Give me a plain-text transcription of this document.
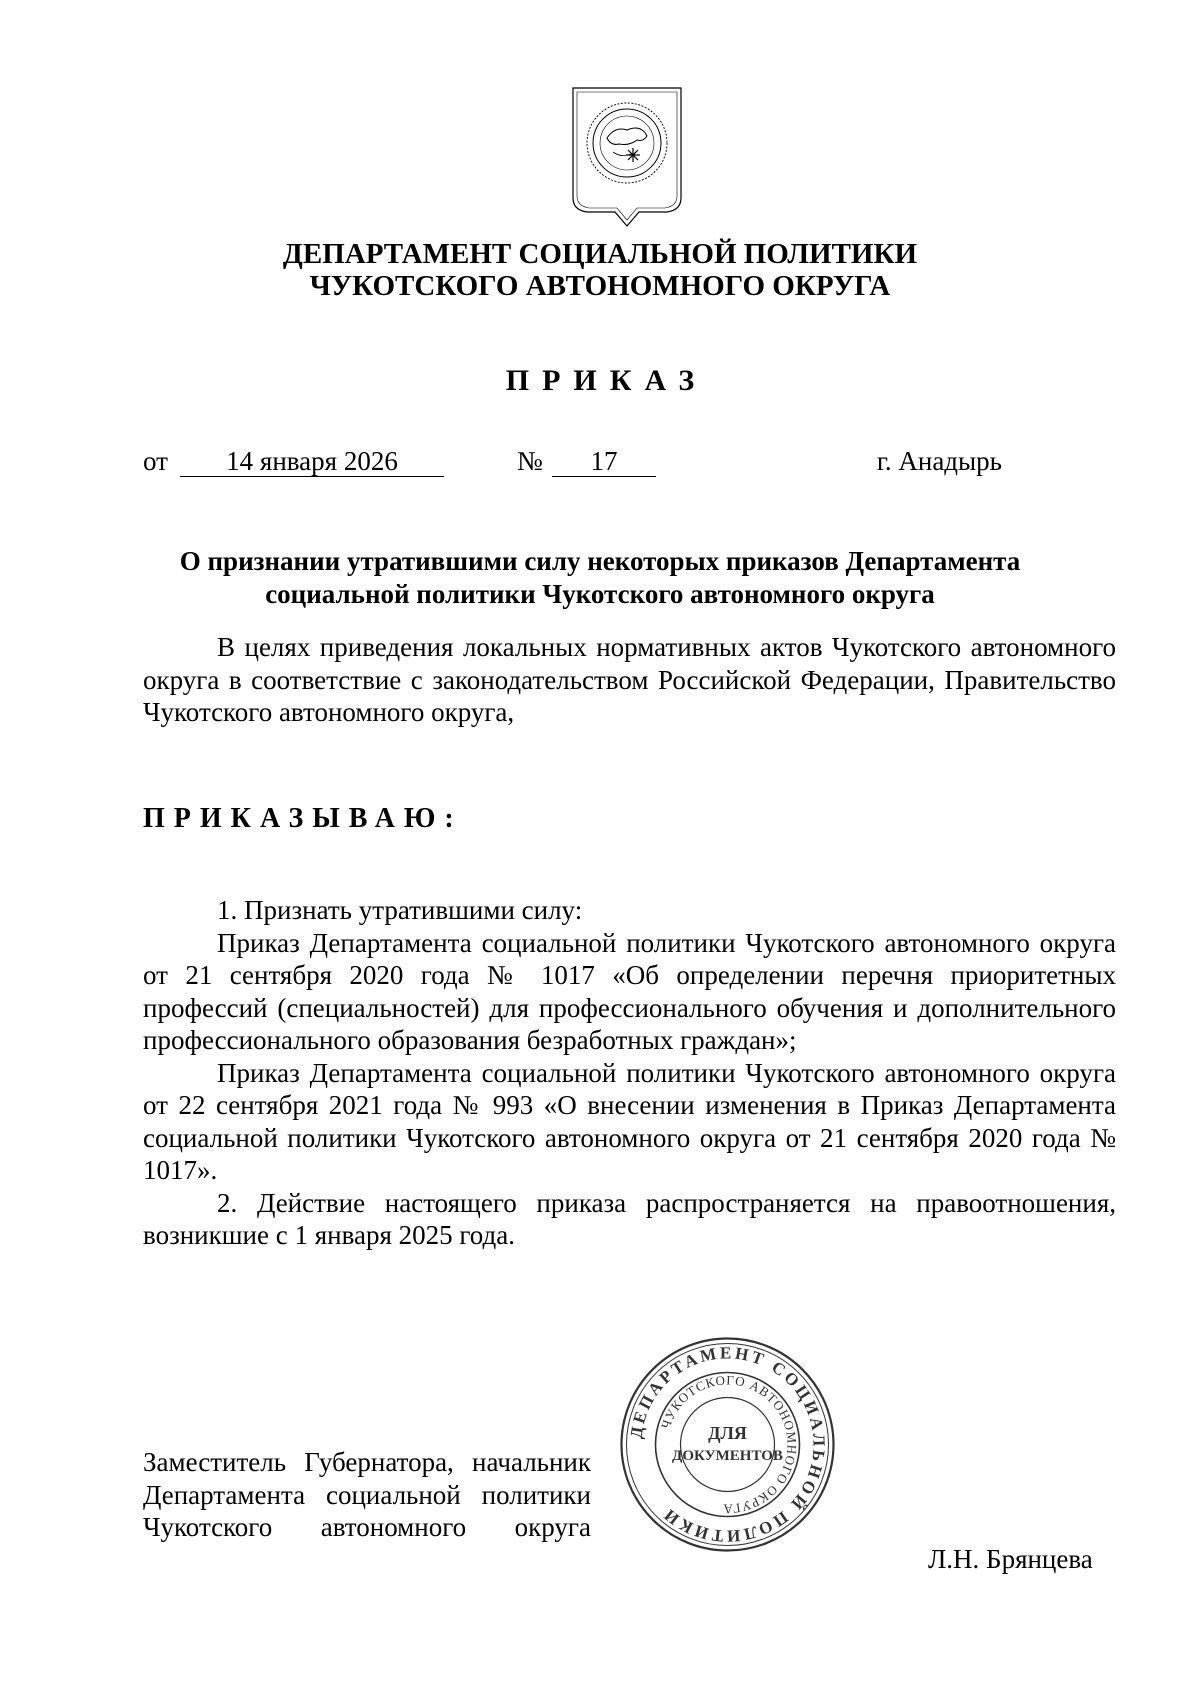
ДЕПАРТАМЕНТ СОЦИАЛЬНОЙ ПОЛИТИКИ
ЧУКОТСКОГО АВТОНОМНОГО ОКРУГА
ПРИКАЗ
от	14 января 2026	№	17	г. Анадырь
О признании утратившими силу некоторых приказов Департамента
социальной политики Чукотского автономного округа
В целях приведения локальных нормативных актов Чукотского автономного округа в соответствие с законодательством Российской Федерации, Правительство Чукотского автономного округа,
ПРИКАЗЫВАЮ:
1. Признать утратившими силу:
Приказ Департамента социальной политики Чукотского автономного округа от 21 сентября 2020 года № 1017 «Об определении перечня приоритетных профессий (специальностей) для профессионального обучения и дополнительного профессионального образования безработных граждан»;
Приказ Департамента социальной политики Чукотского автономного округа от 22 сентября 2021 года № 993 «О внесении изменения в Приказ Департамента социальной политики Чукотского автономного округа от 21 сентября 2020 года № 1017».
2. Действие настоящего приказа распространяется на правоотношения, возникшие с 1 января 2025 года.
ДЕПАРТАМЕНТ СОЦИАЛЬНОЙ ПОЛИТИКИ
ЧУКОТСКОГО АВТОНОМНОГО ОКРУГА
ДЛЯ
ДОКУМЕНТОВ
Заместитель Губернатора, начальник Департамента социальной политики Чукотского автономного округа
Л.Н. Брянцева
